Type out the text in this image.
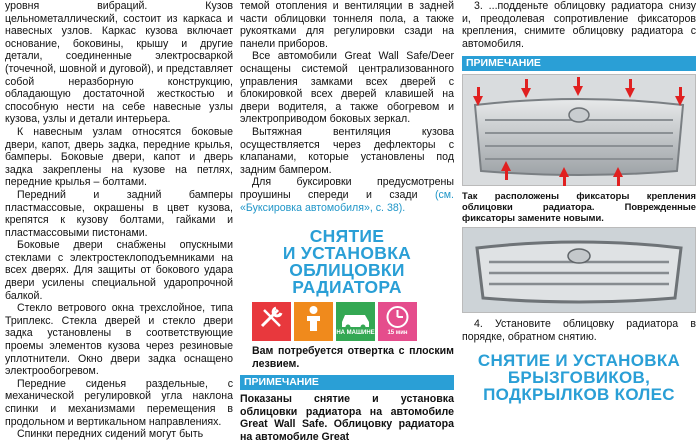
уровня вибраций. Кузов цельнометаллический, состоит из каркаса и навесных узлов. Каркас кузова включает основание, боковины, крышу и другие детали, соединенные электросваркой (точечной, шовной и дуговой), и представляет собой неразборную конструкцию, обладающую достаточной жесткостью и способную нести на себе навесные узлы кузова, узлы и детали интерьера.

К навесным узлам относятся боковые двери, капот, дверь задка, передние крылья, бамперы. Боковые двери, капот и дверь задка закреплены на кузове на петлях, передние крылья – болтами.

Передний и задний бамперы пластмассовые, окрашены в цвет кузова, крепятся к кузову болтами, гайками и пластмассовыми пистонами.

Боковые двери снабжены опускными стеклами с электростеклоподъемниками на всех дверях. Для защиты от бокового удара двери усилены специальной ударопрочной балкой.

Стекло ветрового окна трехслойное, типа Триплекс. Стекла дверей и стекло двери задка установлены в соответствующие проемы элементов кузова через резиновые уплотнители. Окно двери задка оснащено электрообогревом.

Передние сиденья раздельные, с механической регулировкой угла наклона спинки и механизмами перемещения в продольном и вертикальном направлениях.

Спинки передних сидений могут быть

темой отопления и вентиляции в задней части облицовки тоннеля пола, а также рукоятками для регулировки сзади на панели приборов.

Все автомобили Great Wall Safe/Deer оснащены системой централизованного управления замками всех дверей с блокировкой всех дверей клавишей на двери водителя, а также обогревом и электроприводом боковых зеркал.

Вытяжная вентиляция кузова осуществляется через дефлекторы с клапанами, которые установлены под задним бампером.

Для буксировки предусмотрены проушины спереди и сзади (см. «Буксировка автомобиля», с. 38).

СНЯТИЕ
И УСТАНОВКА
ОБЛИЦОВКИ
РАДИАТОРА
НА МАШИНЕ	15 мин

Вам потребуется отвертка с плоским лезвием.

ПРИМЕЧАНИЕ

Показаны снятие и установка облицовки радиатора на автомобиле Great Wall Safe. Облицовку радиатора на автомобиле Great

3. ...подденьте облицовку радиатора снизу и, преодолевая сопротивление фиксаторов крепления, снимите облицовку радиатора с автомобиля.

ПРИМЕЧАНИЕ

Так расположены фиксаторы крепления облицовки радиатора. Поврежденные фиксаторы замените новыми.

4. Установите облицовку радиатора в порядке, обратном снятию.

СНЯТИЕ И УСТАНОВКА
БРЫЗГОВИКОВ,
ПОДКРЫЛКОВ КОЛЕС
